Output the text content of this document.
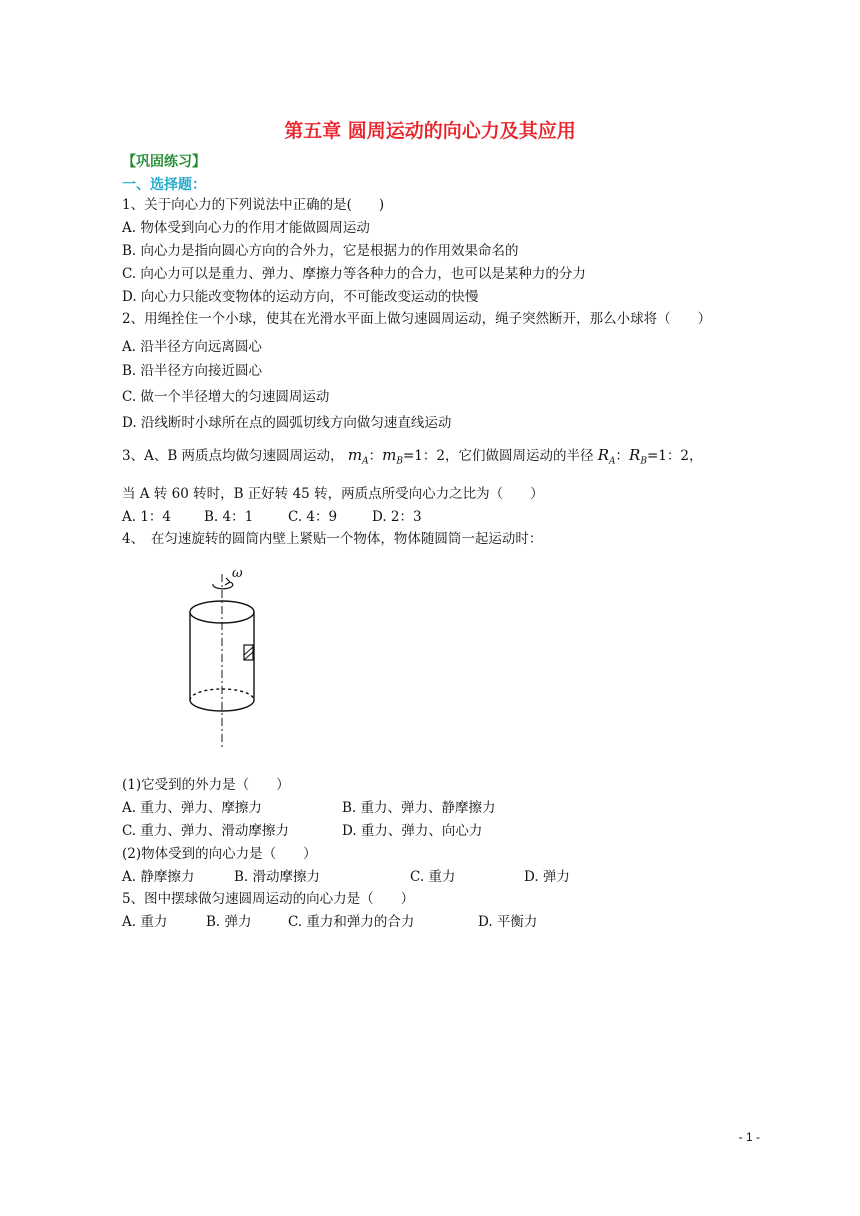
第五章 圆周运动的向心力及其应用
【巩固练习】
一、选择题：
1、关于向心力的下列说法中正确的是(　　)
A. 物体受到向心力的作用才能做圆周运动
B. 向心力是指向圆心方向的合外力，它是根据力的作用效果命名的
C. 向心力可以是重力、弹力、摩擦力等各种力的合力，也可以是某种力的分力
D. 向心力只能改变物体的运动方向，不可能改变运动的快慢
2、用绳拴住一个小球，使其在光滑水平面上做匀速圆周运动，绳子突然断开，那么小球将（　　）
A. 沿半径方向远离圆心
B. 沿半径方向接近圆心
C. 做一个半径增大的匀速圆周运动
D. 沿线断时小球所在点的圆弧切线方向做匀速直线运动
3、A、B 两质点均做匀速圆周运动， $m_A$：$m_B=1$：2，它们做圆周运动的半径 $R_A$：$R_B=1$：2，
当 A 转 60 转时，B 正好转 45 转，两质点所受向心力之比为（　　）
A. 1：4 B. 4：1	C. 4：9	D. 2：3
4、　在匀速旋转的圆筒内壁上紧贴一个物体，物体随圆筒一起运动时：
ω
(1)它受到的外力是（　　）
A. 重力、弹力、摩擦力	B. 重力、弹力、静摩擦力
C. 重力、弹力、滑动摩擦力	D. 重力、弹力、向心力
(2)物体受到的向心力是（　　）
A. 静摩擦力	B. 滑动摩擦力	C. 重力	D. 弹力
5、图中摆球做匀速圆周运动的向心力是（　　）
A. 重力	B. 弹力	C. 重力和弹力的合力	D. 平衡力
- 1 -
